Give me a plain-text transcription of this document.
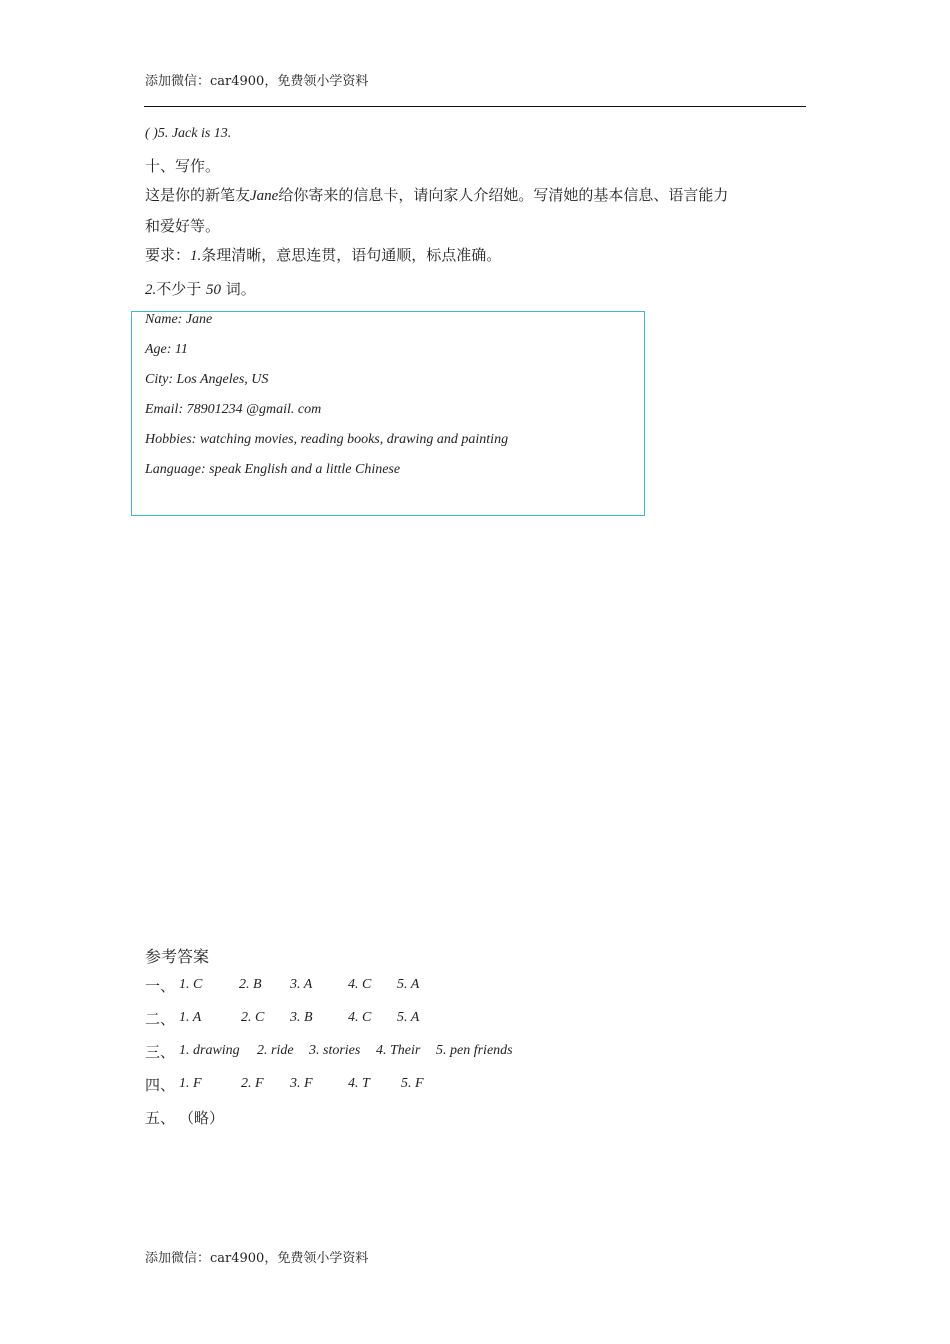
添加微信：car4900，免费领小学资料
( )5. Jack is 13.
十、写作。
这是你的新笔友Jane给你寄来的信息卡，请向家人介绍她。写清她的基本信息、语言能力
和爱好等。
要求：1.条理清晰，意思连贯，语句通顺，标点准确。
2.不少于 50 词。
Name: Jane
Age: 11
City: Los Angeles, US
Email: 78901234 @gmail. com
Hobbies: watching movies, reading books, drawing and painting
Language: speak English and a little Chinese
参考答案
一、 1. C	2. B 3. A	4. C 5. A
二、 1. A	2. C 3. B	4. C 5. A
三、 1. drawing 2. ride 3. stories 4. Their 5. pen friends
四、 1. F	2. F 3. F	4. T 5. F
五、 （略）
添加微信：car4900，免费领小学资料
